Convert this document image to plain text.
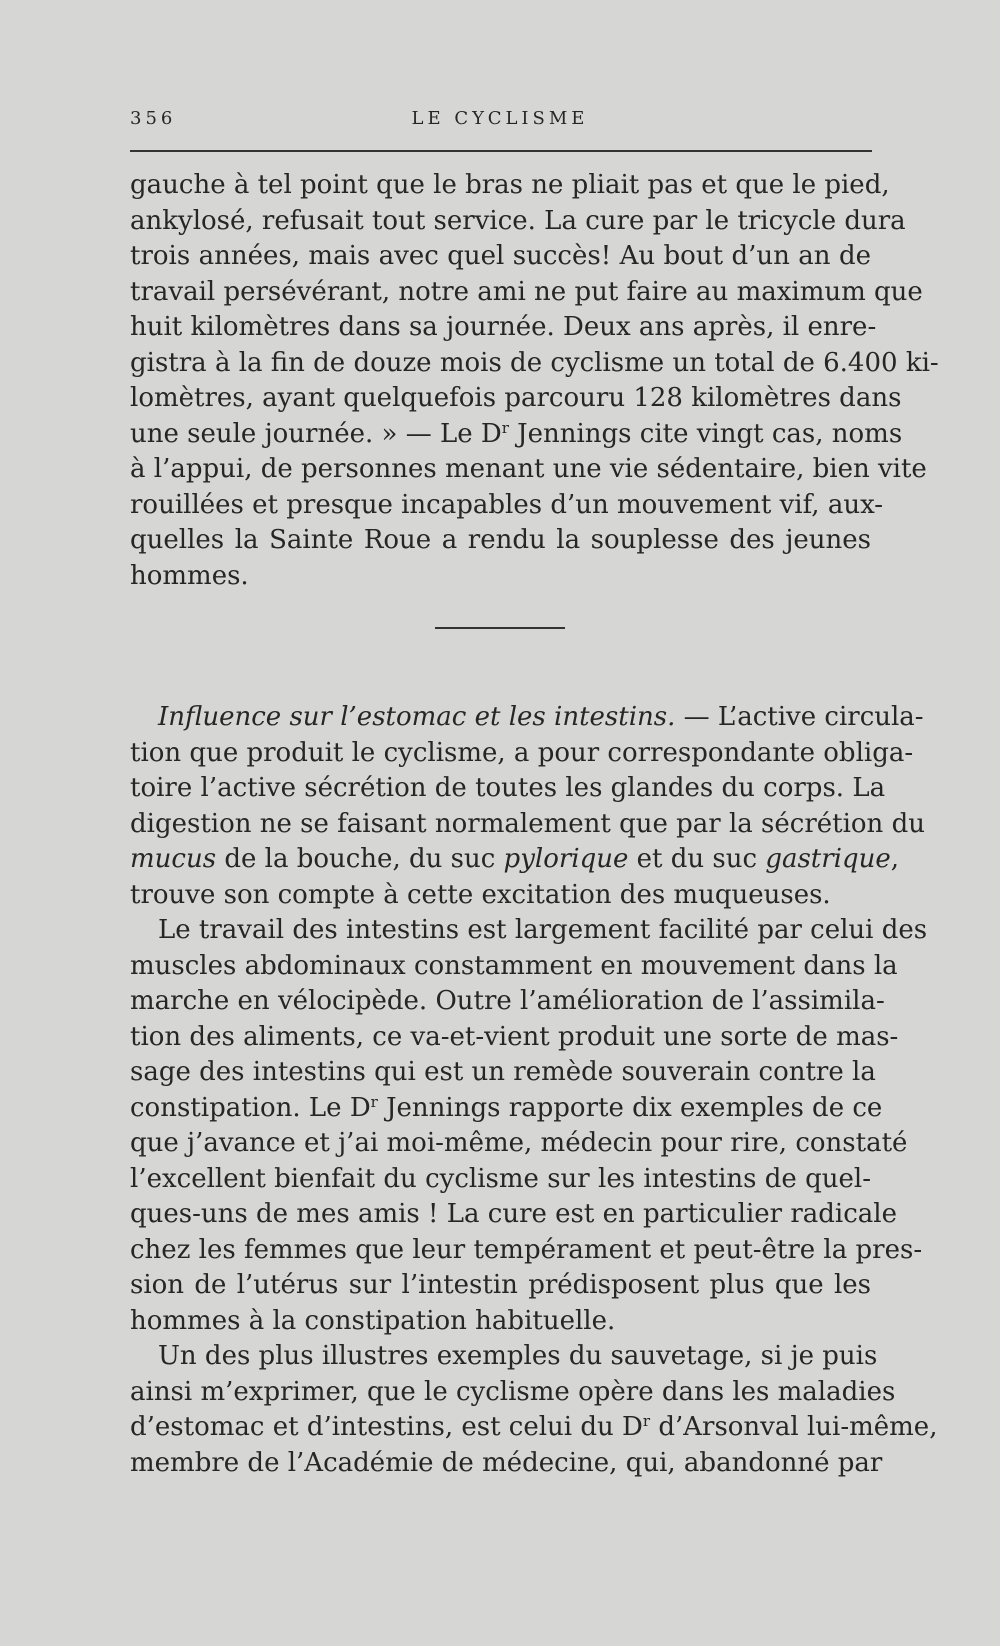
356	LE CYCLISME
gauche à tel point que le bras ne pliait pas et que le pied,
ankylosé, refusait tout service. La cure par le tricycle dura
trois années, mais avec quel succès! Au bout d’un an de
travail persévérant, notre ami ne put faire au maximum que
huit kilomètres dans sa journée. Deux ans après, il enre-
gistra à la fin de douze mois de cyclisme un total de 6.400 ki-
lomètres, ayant quelquefois parcouru 128 kilomètres dans
une seule journée. » — Le $D^r$ Jennings cite vingt cas, noms
à l’appui, de personnes menant une vie sédentaire, bien vite
rouillées et presque incapables d’un mouvement vif, aux-
quelles la Sainte Roue a rendu la souplesse des jeunes
hommes.
Influence sur l’estomac et les intestins. — L’active circula-
tion que produit le cyclisme, a pour correspondante obliga-
toire l’active sécrétion de toutes les glandes du corps. La
digestion ne se faisant normalement que par la sécrétion du
mucus de la bouche, du suc pylorique et du suc gastrique,
trouve son compte à cette excitation des muqueuses.
Le travail des intestins est largement facilité par celui des
muscles abdominaux constamment en mouvement dans la
marche en vélocipède. Outre l’amélioration de l’assimila-
tion des aliments, ce va-et-vient produit une sorte de mas-
sage des intestins qui est un remède souverain contre la
constipation. Le $D^r$ Jennings rapporte dix exemples de ce
que j’avance et j’ai moi-même, médecin pour rire, constaté
l’excellent bienfait du cyclisme sur les intestins de quel-
ques-uns de mes amis ! La cure est en particulier radicale
chez les femmes que leur tempérament et peut-être la pres-
sion de l’utérus sur l’intestin prédisposent plus que les
hommes à la constipation habituelle.
Un des plus illustres exemples du sauvetage, si je puis
ainsi m’exprimer, que le cyclisme opère dans les maladies
d’estomac et d’intestins, est celui du $D^r$ d’Arsonval lui-même,
membre de l’Académie de médecine, qui, abandonné par
